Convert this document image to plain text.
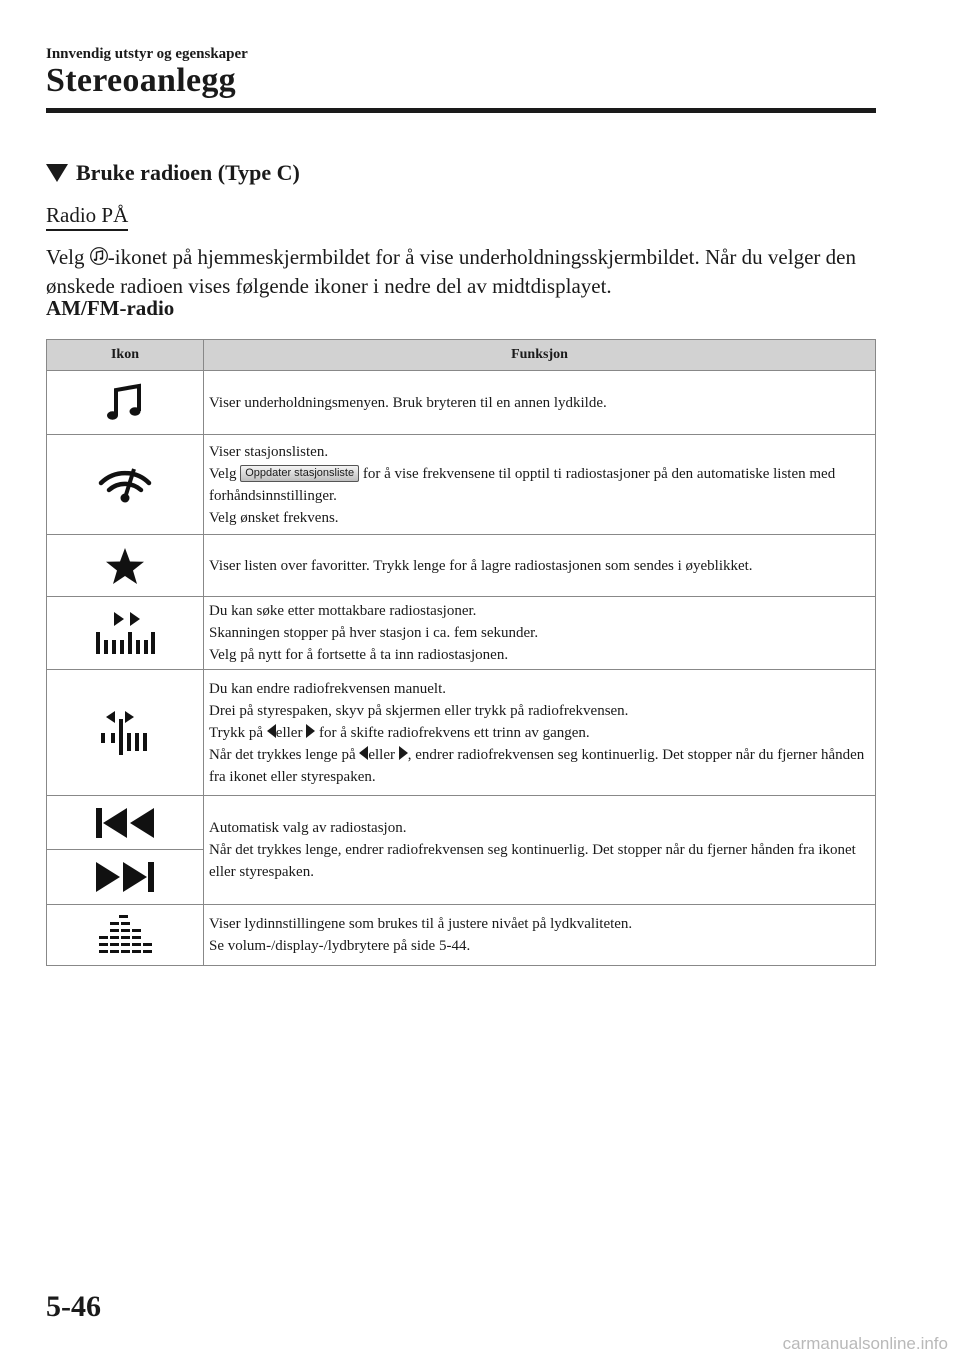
Innvendig utstyr og egenskaper
Stereoanlegg
Bruke radioen (Type C)
Radio PÅ
Velg -ikonet på hjemmeskjermbildet for å vise underholdningsskjermbildet. Når du velger den ønskede radioen vises følgende ikoner i nedre del av midtdisplayet.
AM/FM-radio
Ikon	Funksjon

Viser underholdningsmenyen. Bruk bryteren til en annen lydkilde.

Viser stasjonslisten.
Velg Oppdater stasjonsliste for å vise frekvensene til opptil ti radiostasjoner på den automatiske listen med forhåndsinnstillinger.
Velg ønsket frekvens.

Viser listen over favoritter. Trykk lenge for å lagre radiostasjonen som sendes i øyeblikket.

Du kan søke etter mottakbare radiostasjoner.
Skanningen stopper på hver stasjon i ca. fem sekunder.
Velg på nytt for å fortsette å ta inn radiostasjonen.

Du kan endre radiofrekvensen manuelt.
Drei på styrespaken, skyv på skjermen eller trykk på radiofrekvensen.
Trykk på eller  for å skifte radiofrekvens ett trinn av gangen.
Når det trykkes lenge på eller , endrer radiofrekvensen seg kontinuerlig. Det stopper når du fjerner hånden fra ikonet eller styrespaken.

Automatisk valg av radiostasjon.
Når det trykkes lenge, endrer radiofrekvensen seg kontinuerlig. Det stopper når du fjerner hånden fra ikonet eller styrespaken.

Viser lydinnstillingene som brukes til å justere nivået på lydkvaliteten.
Se volum-/display-/lydbrytere på side 5-44.
5-46
carmanualsonline.info
